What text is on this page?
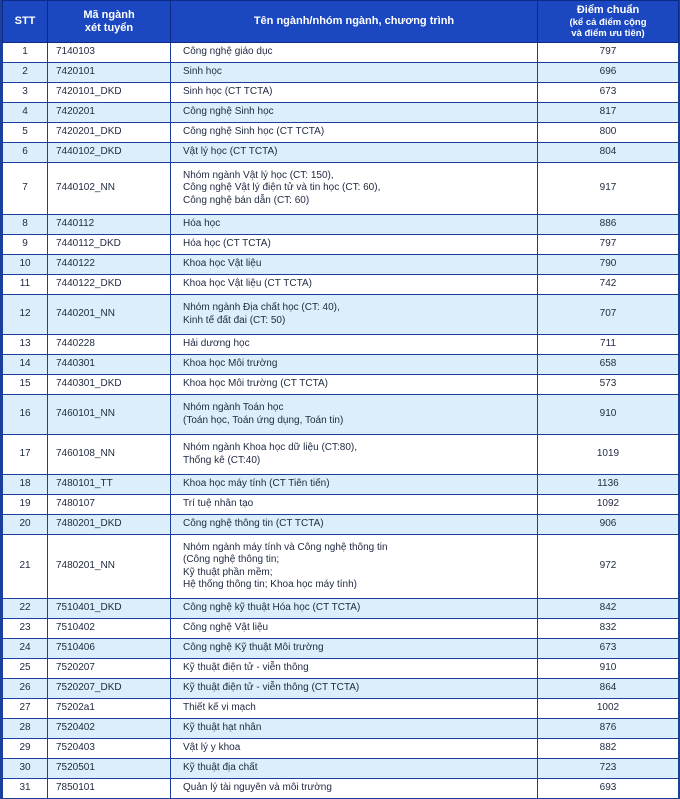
STT	Mã ngành
xét tuyển	Tên ngành/nhóm ngành, chương trình	Điểm chuẩn
(kể cả điểm cộng
và điểm ưu tiên)

1	7140103	Công nghệ giáo dục	797
2	7420101	Sinh học	696
3	7420101_DKD	Sinh học (CT TCTA)	673
4	7420201	Công nghệ Sinh học	817
5	7420201_DKD	Công nghệ Sinh học (CT TCTA)	800
6	7440102_DKD	Vật lý học (CT TCTA)	804
7	7440102_NN	Nhóm ngành Vật lý học (CT: 150),
Công nghệ Vật lý điện tử và tin học (CT: 60),
Công nghệ bán dẫn (CT: 60)	917
8	7440112	Hóa học	886
9	7440112_DKD	Hóa học (CT TCTA)	797
10	7440122	Khoa học Vật liệu	790
11	7440122_DKD	Khoa học Vật liệu (CT TCTA)	742
12	7440201_NN	Nhóm ngành Địa chất học (CT: 40),
Kinh tế đất đai (CT: 50)	707
13	7440228	Hải dương học	711
14	7440301	Khoa học Môi trường	658
15	7440301_DKD	Khoa học Môi trường (CT TCTA)	573
16	7460101_NN	Nhóm ngành Toán học
(Toán học, Toán ứng dụng, Toán tin)	910
17	7460108_NN	Nhóm ngành Khoa học dữ liệu (CT:80),
Thống kê (CT:40)	1019
18	7480101_TT	Khoa học máy tính (CT Tiên tiến)	1136
19	7480107	Trí tuệ nhân tạo	1092
20	7480201_DKD	Công nghệ thông tin (CT TCTA)	906
21	7480201_NN	Nhóm ngành máy tính và Công nghệ thông tin
(Công nghệ thông tin;
Kỹ thuật phần mềm;
Hệ thống thông tin; Khoa học máy tính)	972
22	7510401_DKD	Công nghệ kỹ thuật Hóa học (CT TCTA)	842
23	7510402	Công nghệ Vật liệu	832
24	7510406	Công nghệ Kỹ thuật Môi trường	673
25	7520207	Kỹ thuật điện tử - viễn thông	910
26	7520207_DKD	Kỹ thuật điện tử - viễn thông (CT TCTA)	864
27	75202a1	Thiết kế vi mạch	1002
28	7520402	Kỹ thuật hạt nhân	876
29	7520403	Vật lý y khoa	882
30	7520501	Kỹ thuật địa chất	723
31	7850101	Quản lý tài nguyên và môi trường	693
